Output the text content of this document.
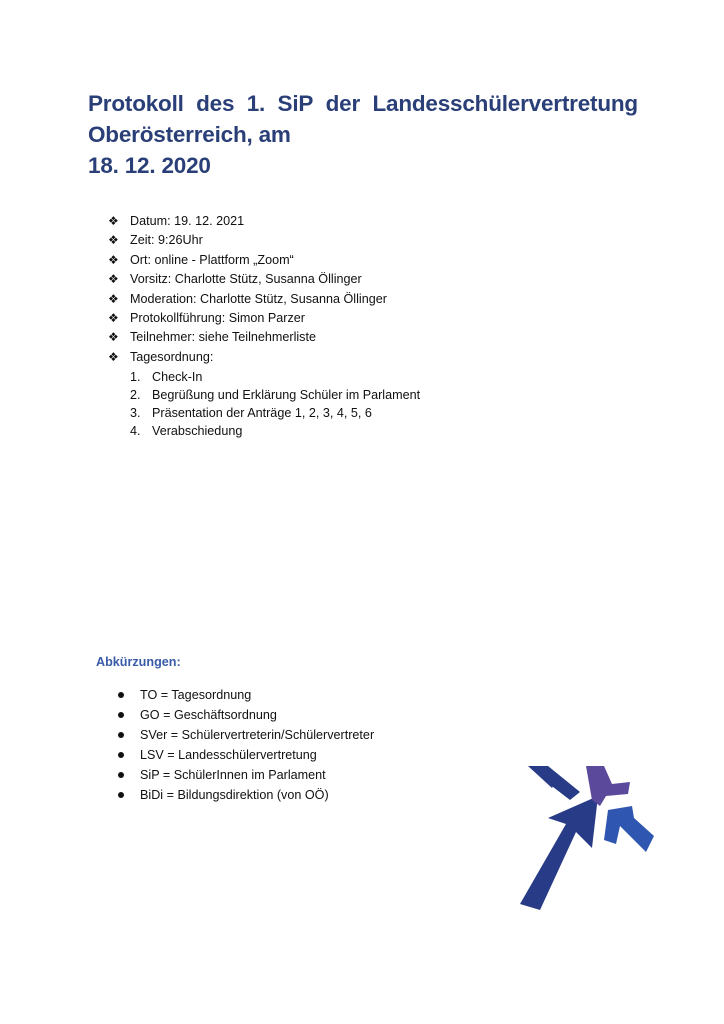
Protokoll des 1. SiP der Landesschülervertretung
Oberösterreich, am
18. 12. 2020
❖ Datum: 19. 12. 2021
❖ Zeit: 9:26Uhr
❖ Ort: online - Plattform „Zoom“
❖ Vorsitz: Charlotte Stütz, Susanna Öllinger
❖ Moderation: Charlotte Stütz, Susanna Öllinger
❖ Protokollführung: Simon Parzer
❖ Teilnehmer: siehe Teilnehmerliste
❖ Tagesordnung:
1. Check-In
2. Begrüßung und Erklärung Schüler im Parlament
3. Präsentation der Anträge 1, 2, 3, 4, 5, 6
4. Verabschiedung
Abkürzungen:
TO = Tagesordnung
GO = Geschäftsordnung
SVer = Schülervertreterin/Schülervertreter
LSV = Landesschülervertretung
SiP = SchülerInnen im Parlament
BiDi = Bildungsdirektion (von OÖ)
